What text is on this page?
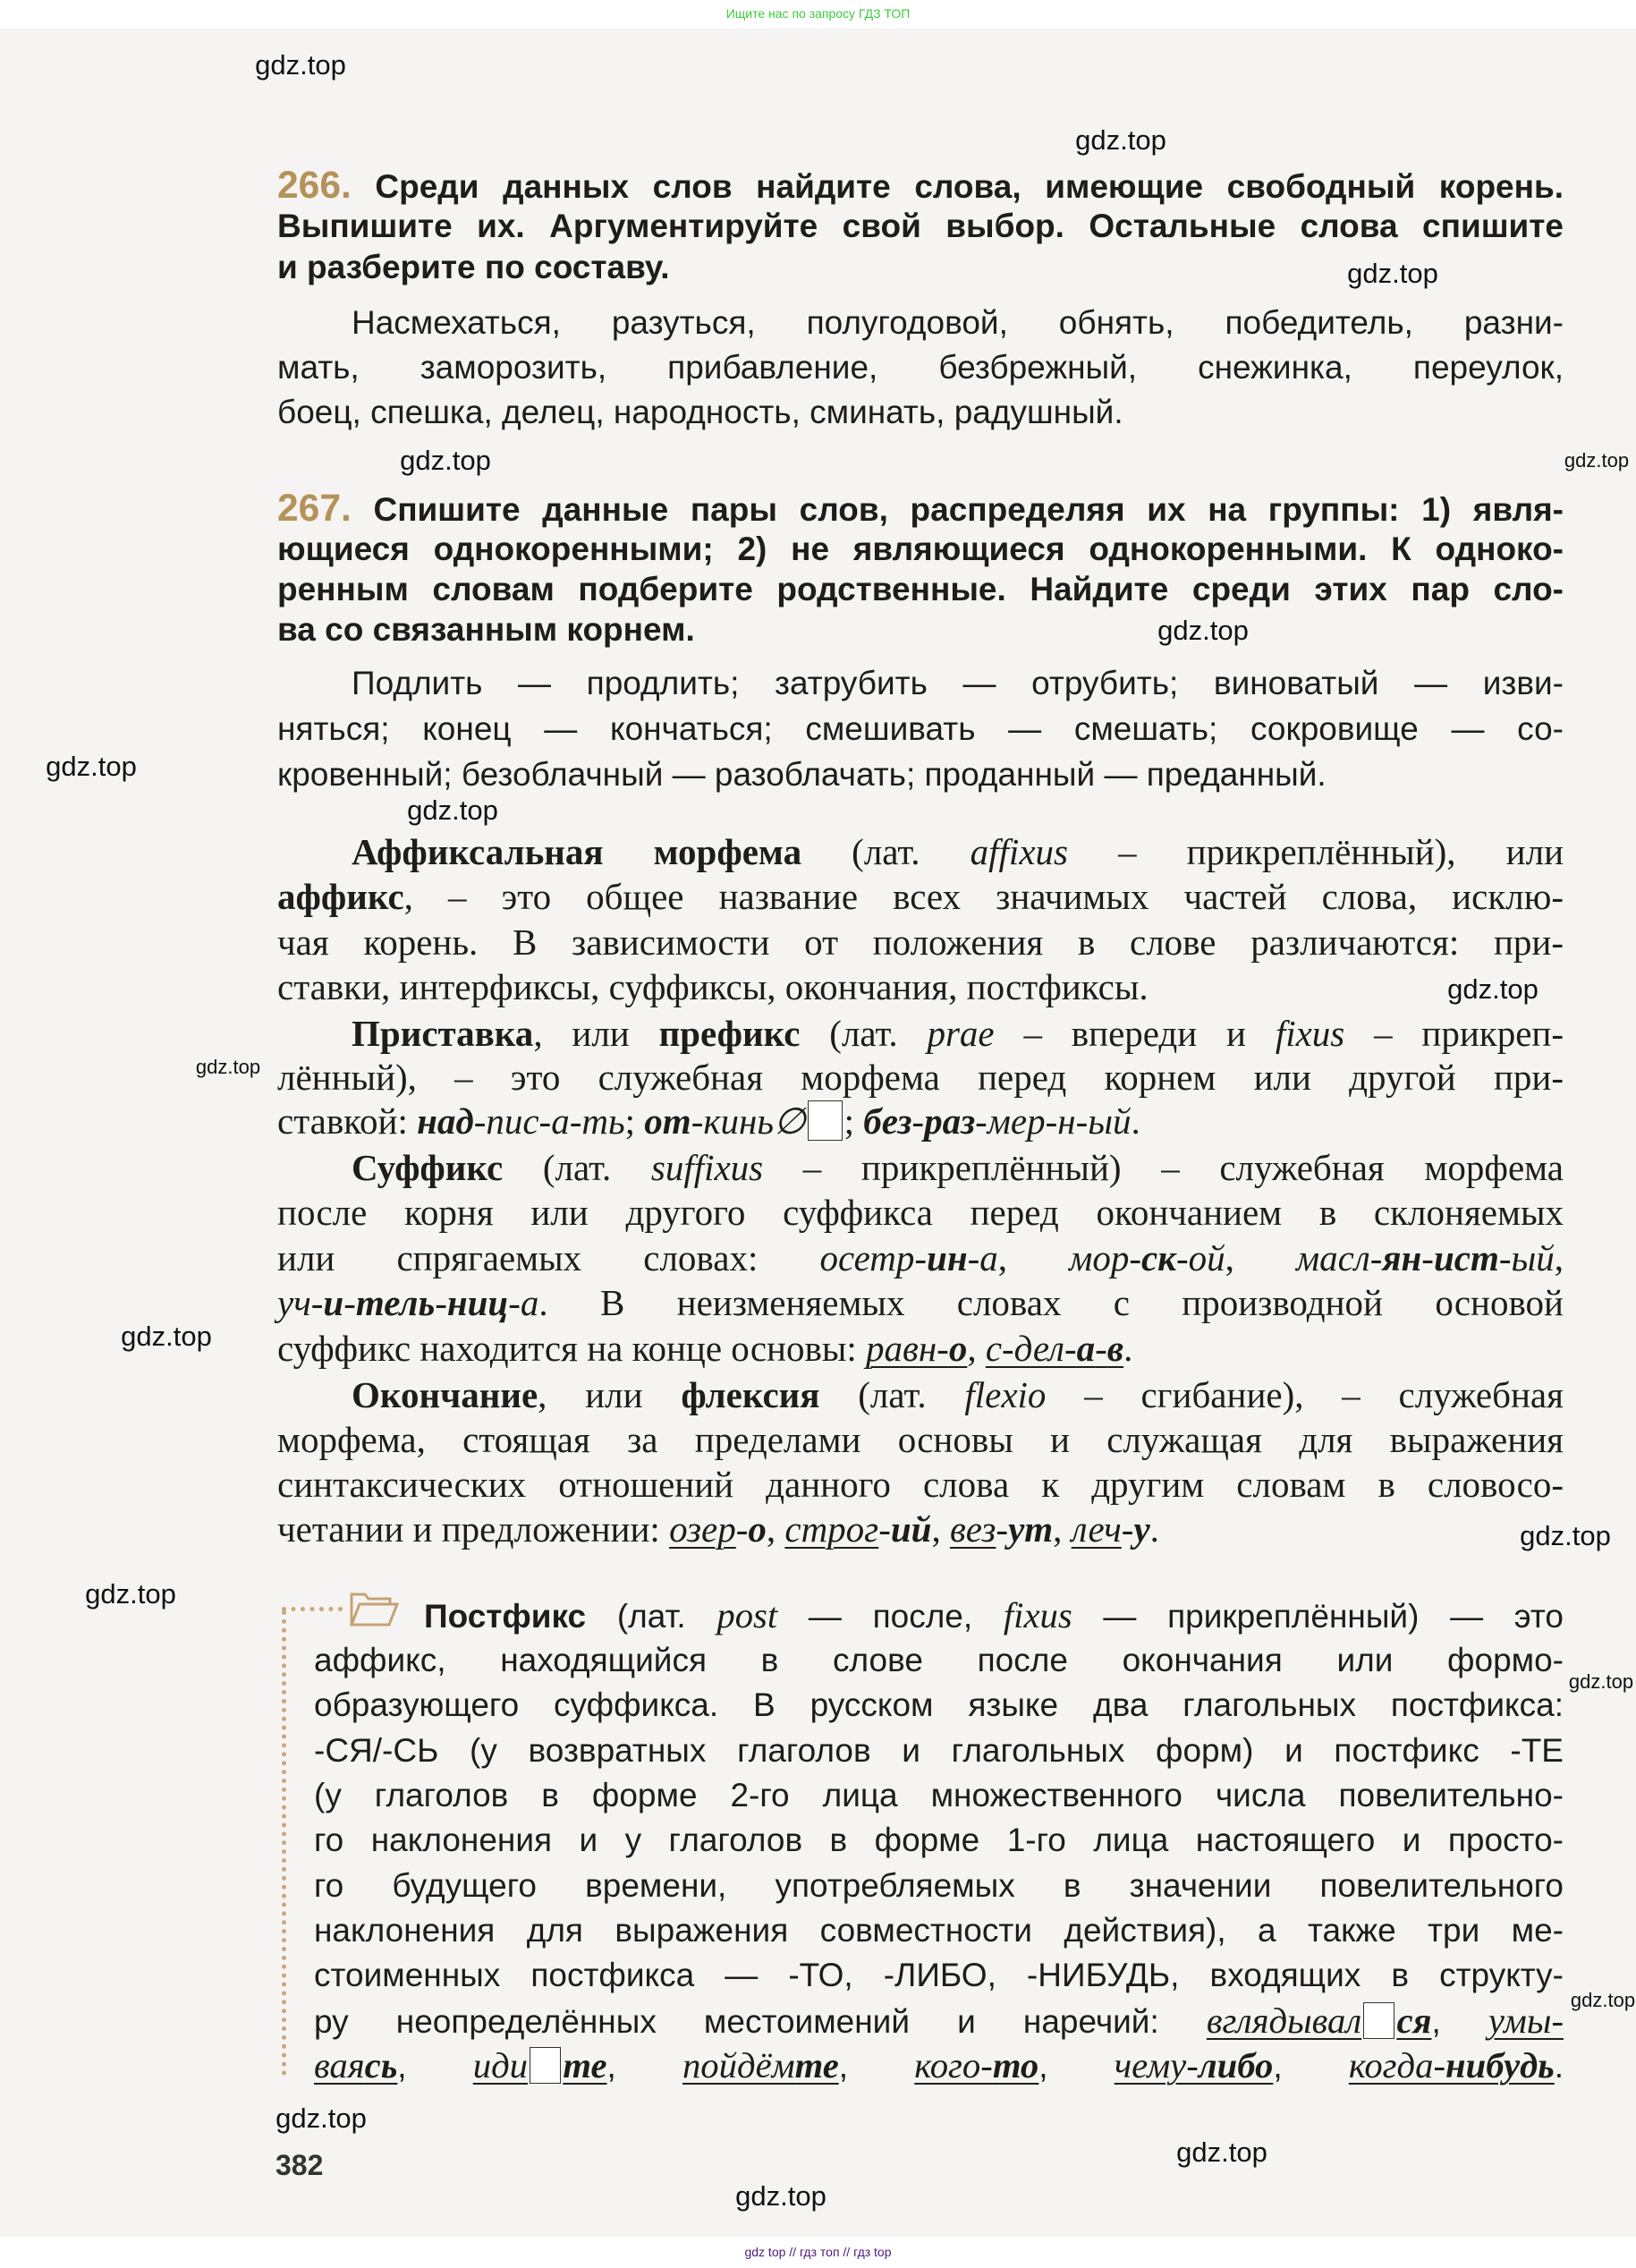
Ищите нас по запросу ГДЗ ТОП
266. Среди данных слов найдите слова, имеющие свободный корень.
Выпишите их. Аргументируйте свой выбор. Остальные слова спишите
и разберите по составу.
Насмехаться, разуться, полугодовой, обнять, победитель, разни-
мать, заморозить, прибавление, безбрежный, снежинка, переулок,
боец, спешка, делец, народность, сминать, радушный.
267. Спишите данные пары слов, распределяя их на группы: 1) явля-
ющиеся однокоренными; 2) не являющиеся однокоренными. К одноко-
ренным словам подберите родственные. Найдите среди этих пар сло-
ва со связанным корнем.
Подлить — продлить; затрубить — отрубить; виноватый — изви-
няться; конец — кончаться; смешивать — смешать; сокровище — со-
кровенный; безоблачный — разоблачать; проданный — преданный.
Аффиксальная морфема (лат. affixus – прикреплённый), или
аффикс, – это общее название всех значимых частей слова, исклю-
чая корень. В зависимости от положения в слове различаются: при-
ставки, интерфиксы, суффиксы, окончания, постфиксы.
Приставка, или префикс (лат. prae – впереди и fixus – прикреп-
лённый), – это служебная морфема перед корнем или другой при-
ставкой: над-пис-а-ть; от-кинь∅ ; без-раз-мер-н-ый.
Суффикс (лат. suffixus – прикреплённый) – служебная морфема
после корня или другого суффикса перед окончанием в склоняемых
или спрягаемых словах: осетр-ин-а, мор-ск-ой, масл-ян-ист-ый,
уч-и-тель-ниц-а. В неизменяемых словах с производной основой
суффикс находится на конце основы: равн-о, с-дел-а-в.
Окончание, или флексия (лат. flexio – сгибание), – служебная
морфема, стоящая за пределами основы и служащая для выражения
синтаксических отношений данного слова к другим словам в словосо-
четании и предложении: озер-о, строг-ий, вез-ут, леч-у.
Постфикс (лат. post — после, fixus — прикреплённый) — это
аффикс, находящийся в слове после окончания или формо-
образующего суффикса. В русском языке два глагольных постфикса:
-СЯ/-СЬ (у возвратных глаголов и глагольных форм) и постфикс -ТЕ
(у глаголов в форме 2-го лица множественного числа повелительно-
го наклонения и у глаголов в форме 1-го лица настоящего и просто-
го будущего времени, употребляемых в значении повелительного
наклонения для выражения совместности действия), а также три ме-
стоименных постфикса — -ТО, -ЛИБО, -НИБУДЬ, входящих в структу-
ру неопределённых местоимений и наречий: вглядывал ся, умы-
ваясь, иди те, пойдёмте, кого-то, чему-либо, когда-нибудь.
382
gdz top // гдз топ // гдз top
gdz.top
gdz.top
gdz.top
gdz.top	gdz.top
gdz.top
gdz.top
gdz.top
gdz.top
gdz.top
gdz.top
gdz.top
gdz.top
gdz.top
gdz.top
gdz.top
gdz.top
gdz.top
